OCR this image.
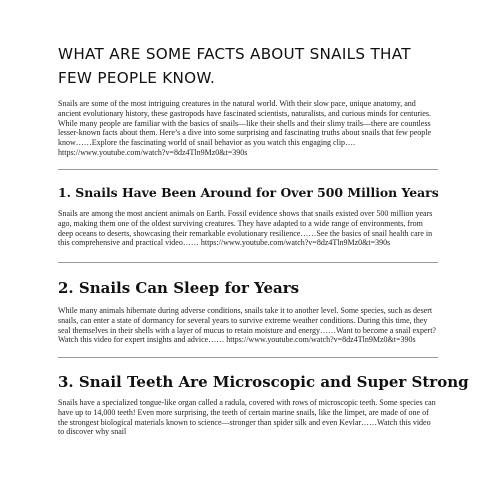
WHAT ARE SOME FACTS ABOUT SNAILS THAT FEW PEOPLE KNOW.

Snails are some of the most intriguing creatures in the natural world. With their slow pace, unique anatomy, and ancient evolutionary history, these gastropods have fascinated scientists, naturalists, and curious minds for centuries. While many people are familiar with the basics of snails—like their shells and their slimy trails—there are countless lesser-known facts about them. Here’s a dive into some surprising and fascinating truths about snails that few people know……Explore the fascinating world of snail behavior as you watch this engaging clip…. https://www.youtube.com/watch?v=8dz4Tln9Mz0&t=390s

1. Snails Have Been Around for Over 500 Million Years

Snails are among the most ancient animals on Earth. Fossil evidence shows that snails existed over 500 million years ago, making them one of the oldest surviving creatures. They have adapted to a wide range of environments, from deep oceans to deserts, showcasing their remarkable evolutionary resilience……See the basics of snail health care in this comprehensive and practical video…… https://www.youtube.com/watch?v=8dz4Tln9Mz0&t=390s

2. Snails Can Sleep for Years

While many animals hibernate during adverse conditions, snails take it to another level. Some species, such as desert snails, can enter a state of dormancy for several years to survive extreme weather conditions. During this time, they seal themselves in their shells with a layer of mucus to retain moisture and energy……Want to become a snail expert? Watch this video for expert insights and advice…… https://www.youtube.com/watch?v=8dz4Tln9Mz0&t=390s

3. Snail Teeth Are Microscopic and Super Strong

Snails have a specialized tongue-like organ called a radula, covered with rows of microscopic teeth. Some species can have up to 14,000 teeth! Even more surprising, the teeth of certain marine snails, like the limpet, are made of one of the strongest biological materials known to science—stronger than spider silk and even Kevlar……Watch this video to discover why snail
